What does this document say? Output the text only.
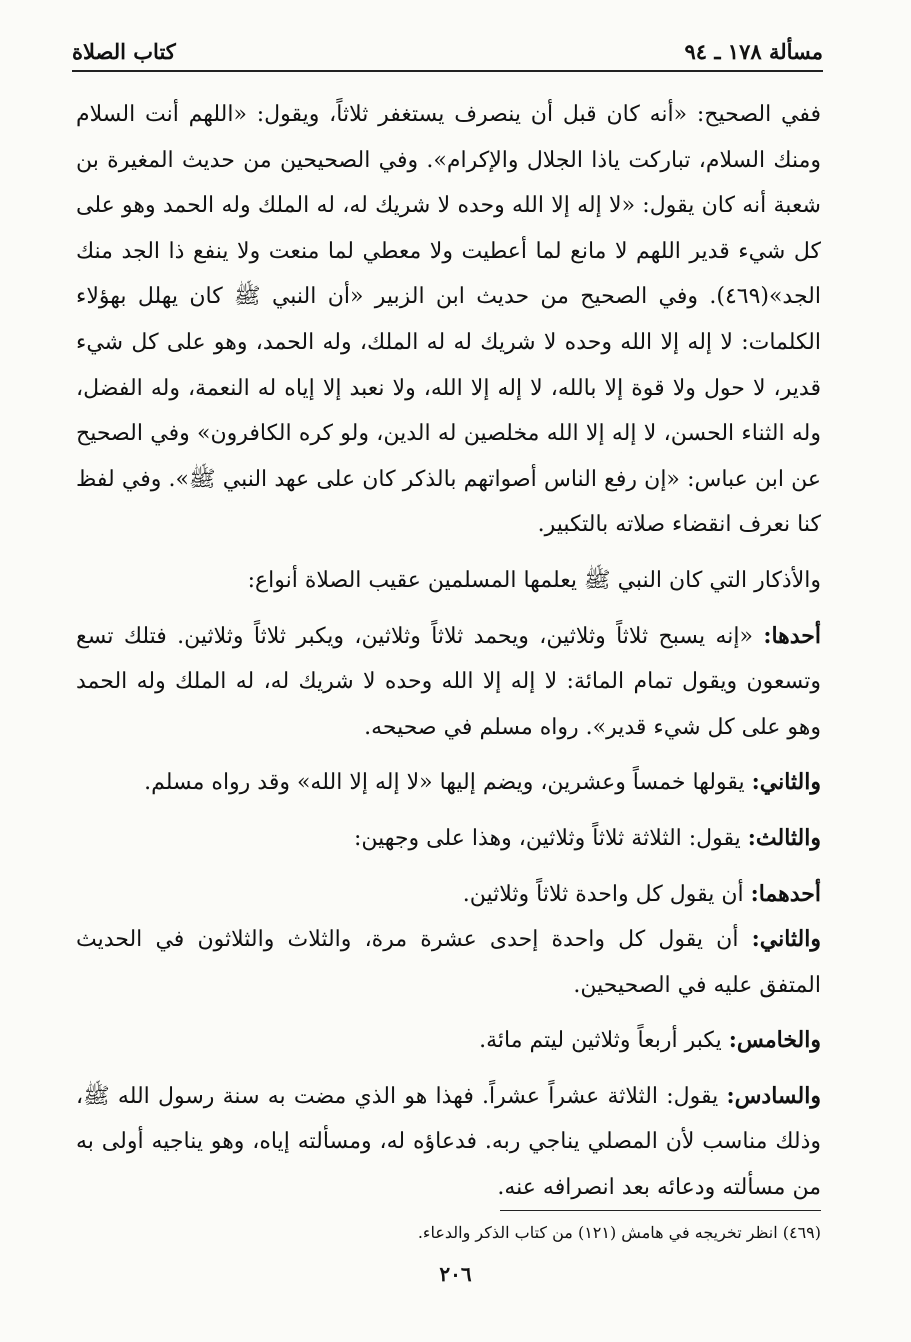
مسألة ١٧٨ ـ ٩٤
كتاب الصلاة

ففي الصحيح: «أنه كان قبل أن ينصرف يستغفر ثلاثاً، ويقول: «اللهم أنت السلام ومنك السلام، تباركت ياذا الجلال والإكرام». وفي الصحيحين من حديث المغيرة بن شعبة أنه كان يقول: «لا إله إلا الله وحده لا شريك له، له الملك وله الحمد وهو على كل شيء قدير اللهم لا مانع لما أعطيت ولا معطي لما منعت ولا ينفع ذا الجد منك الجد»(٤٦٩). وفي الصحيح من حديث ابن الزبير «أن النبي ﷺ كان يهلل بهؤلاء الكلمات: لا إله إلا الله وحده لا شريك له له الملك، وله الحمد، وهو على كل شيء قدير، لا حول ولا قوة إلا بالله، لا إله إلا الله، ولا نعبد إلا إياه له النعمة، وله الفضل، وله الثناء الحسن، لا إله إلا الله مخلصين له الدين، ولو كره الكافرون» وفي الصحيح عن ابن عباس: «إن رفع الناس أصواتهم بالذكر كان على عهد النبي ﷺ». وفي لفظ كنا نعرف انقضاء صلاته بالتكبير.

والأذكار التي كان النبي ﷺ يعلمها المسلمين عقيب الصلاة أنواع:

أحدها: «إنه يسبح ثلاثاً وثلاثين، ويحمد ثلاثاً وثلاثين، ويكبر ثلاثاً وثلاثين. فتلك تسع وتسعون ويقول تمام المائة: لا إله إلا الله وحده لا شريك له، له الملك وله الحمد وهو على كل شيء قدير». رواه مسلم في صحيحه.

والثاني: يقولها خمساً وعشرين، ويضم إليها «لا إله إلا الله» وقد رواه مسلم.

والثالث: يقول: الثلاثة ثلاثاً وثلاثين، وهذا على وجهين:

أحدهما: أن يقول كل واحدة ثلاثاً وثلاثين.

والثاني: أن يقول كل واحدة إحدى عشرة مرة، والثلاث والثلاثون في الحديث المتفق عليه في الصحيحين.

والخامس: يكبر أربعاً وثلاثين ليتم مائة.

والسادس: يقول: الثلاثة عشراً عشراً. فهذا هو الذي مضت به سنة رسول الله ﷺ، وذلك مناسب لأن المصلي يناجي ربه. فدعاؤه له، ومسألته إياه، وهو يناجيه أولى به من مسألته ودعائه بعد انصرافه عنه.

(٤٦٩) انظر تخريجه في هامش (١٢١) من كتاب الذكر والدعاء.
٢٠٦
